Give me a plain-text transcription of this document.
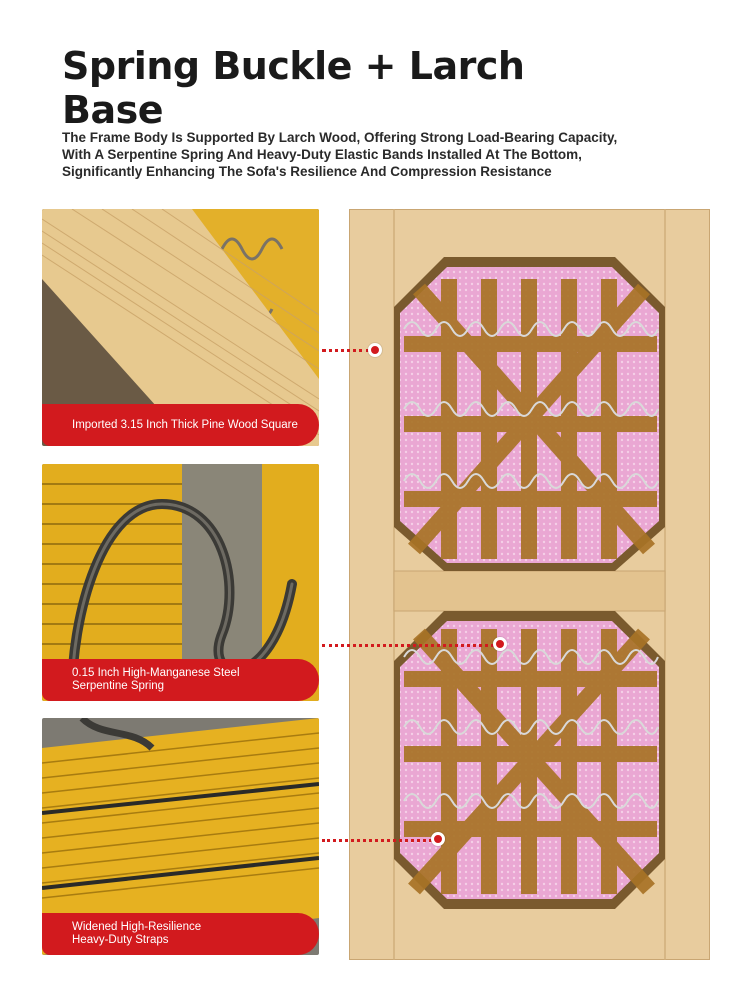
Spring Buckle + Larch
Base

The Frame Body Is Supported By Larch Wood, Offering Strong Load-Bearing Capacity,
With A Serpentine Spring And Heavy-Duty Elastic Bands Installed At The Bottom,
Significantly Enhancing The Sofa's Resilience And Compression Resistance

Imported 3.15 Inch Thick Pine Wood Square
0.15 Inch High-Manganese Steel
Serpentine Spring
Widened High-Resilience
Heavy-Duty Straps
